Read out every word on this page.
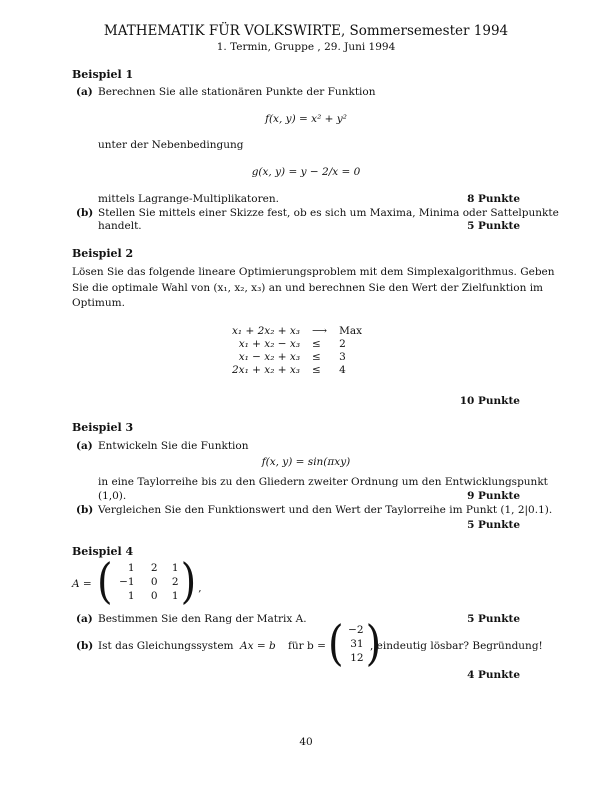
MATHEMATIK FÜR VOLKSWIRTE, Sommersemester 1994
1. Termin, Gruppe , 29. Juni 1994
Beispiel 1
(a) Berechnen Sie alle stationären Punkte der Funktion
f(x, y) = x² + y²
unter der Nebenbedingung
g(x, y) = y − 2/x = 0
mittels Lagrange-Multiplikatoren.	8 Punkte
(b) Stellen Sie mittels einer Skizze fest, ob es sich um Maxima, Minima oder Sattelpunkte
handelt.	5 Punkte
Beispiel 2
Lösen Sie das folgende lineare Optimierungsproblem mit dem Simplexalgorithmus. Geben
Sie die optimale Wahl von (x₁, x₂, x₃) an und berechnen Sie den Wert der Zielfunktion im
Optimum.
x₁ + 2x₂ + x₃	⟶	Max
x₁ + x₂ − x₃	≤	2
x₁ − x₂ + x₃	≤	3
2x₁ + x₂ + x₃	≤	4
10 Punkte
Beispiel 3
(a) Entwickeln Sie die Funktion
f(x, y) = sin(πxy)
in eine Taylorreihe bis zu den Gliedern zweiter Ordnung um den Entwicklungspunkt
(1,0).	9 Punkte
(b) Vergleichen Sie den Funktionswert und den Wert der Taylorreihe im Punkt (1, 2|0.1).
5 Punkte
Beispiel 4
A = (	1	2	1
−1	0	2
1	0	1 ) ,
(a) Bestimmen Sie den Rang der Matrix A.	5 Punkte
(b) Ist das Gleichungssystem Ax = b für b = ( −2
31
12 )
, eindeutig lösbar? Begründung!
4 Punkte
40
